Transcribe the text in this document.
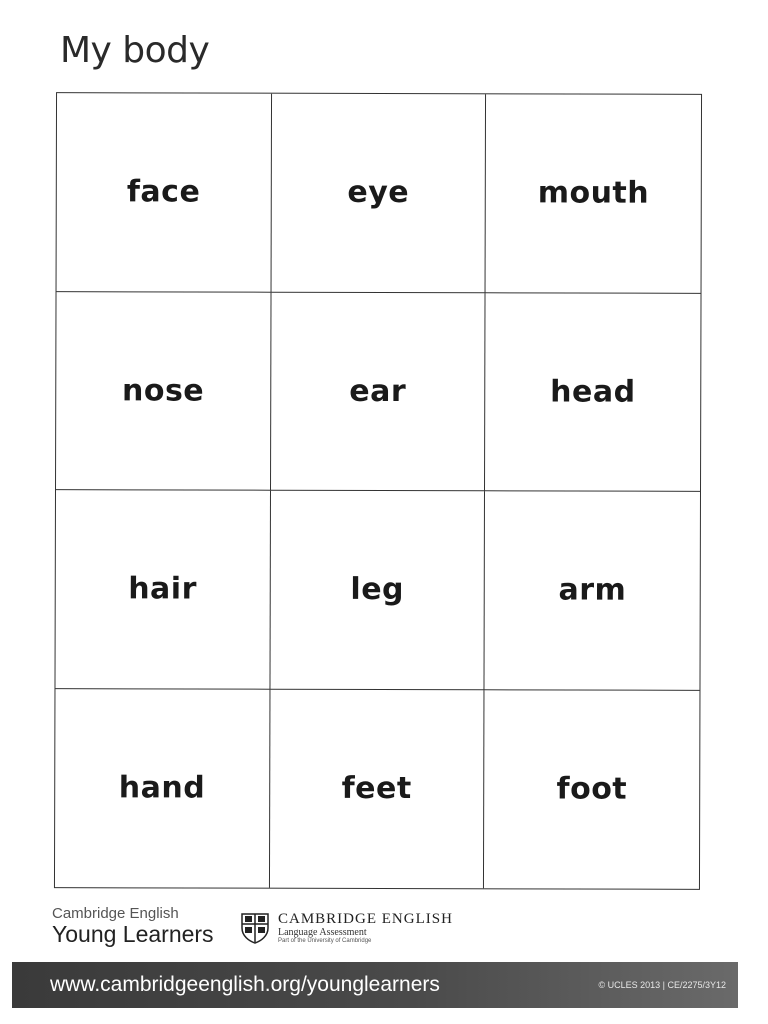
My body
face	eye	mouth
nose	ear	head
hair	leg	arm
hand	feet	foot
Cambridge English
Young Learners
CAMBRIDGE ENGLISH
Language Assessment
Part of the University of Cambridge
www.cambridgeenglish.org/younglearners	© UCLES 2013 | CE/2275/3Y12
